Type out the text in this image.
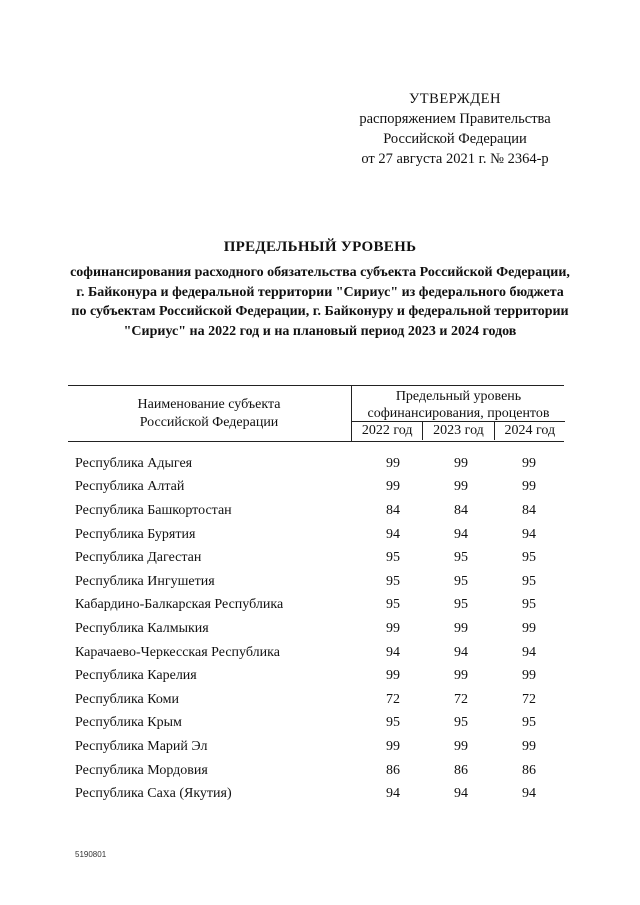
УТВЕРЖДЕН
распоряжением Правительства
Российской Федерации
от 27 августа 2021 г. № 2364-р
ПРЕДЕЛЬНЫЙ УРОВЕНЬ
софинансирования расходного обязательства субъекта Российской Федерации, г. Байконура и федеральной территории "Сириус" из федерального бюджета по субъектам Российской Федерации, г. Байконуру и федеральной территории "Сириус" на 2022 год и на плановый период 2023 и 2024 годов
Наименование субъекта Российской Федерации
Предельный уровень софинансирования, процентов
2022 год	2023 год	2024 год
Республика Адыгея	99	99	99
Республика Алтай	99	99	99
Республика Башкортостан	84	84	84
Республика Бурятия	94	94	94
Республика Дагестан	95	95	95
Республика Ингушетия	95	95	95
Кабардино-Балкарская Республика	95	95	95
Республика Калмыкия	99	99	99
Карачаево-Черкесская Республика	94	94	94
Республика Карелия	99	99	99
Республика Коми	72	72	72
Республика Крым	95	95	95
Республика Марий Эл	99	99	99
Республика Мордовия	86	86	86
Республика Саха (Якутия)	94	94	94
5190801
